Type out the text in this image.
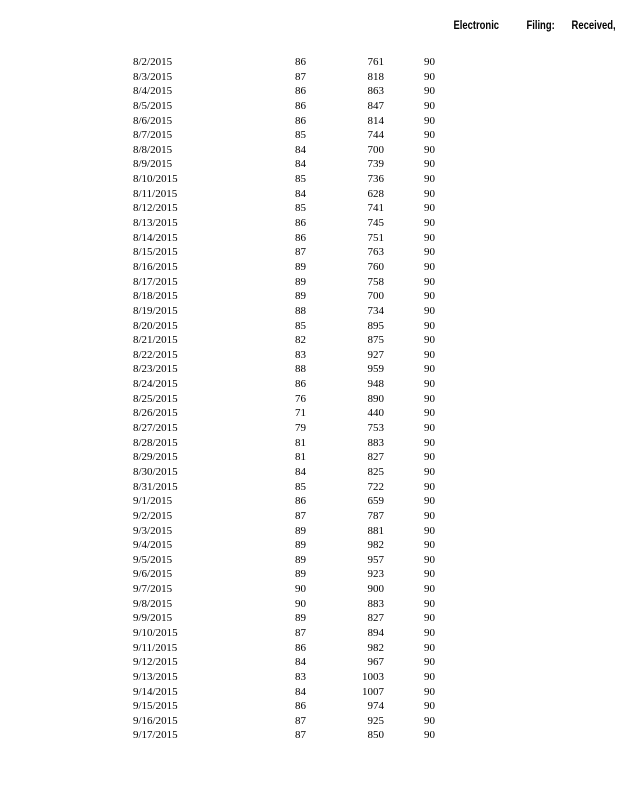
Electronic Filing: Received,
8/2/2015	86	761	90
8/3/2015	87	818	90
8/4/2015	86	863	90
8/5/2015	86	847	90
8/6/2015	86	814	90
8/7/2015	85	744	90
8/8/2015	84	700	90
8/9/2015	84	739	90
8/10/2015	85	736	90
8/11/2015	84	628	90
8/12/2015	85	741	90
8/13/2015	86	745	90
8/14/2015	86	751	90
8/15/2015	87	763	90
8/16/2015	89	760	90
8/17/2015	89	758	90
8/18/2015	89	700	90
8/19/2015	88	734	90
8/20/2015	85	895	90
8/21/2015	82	875	90
8/22/2015	83	927	90
8/23/2015	88	959	90
8/24/2015	86	948	90
8/25/2015	76	890	90
8/26/2015	71	440	90
8/27/2015	79	753	90
8/28/2015	81	883	90
8/29/2015	81	827	90
8/30/2015	84	825	90
8/31/2015	85	722	90
9/1/2015	86	659	90
9/2/2015	87	787	90
9/3/2015	89	881	90
9/4/2015	89	982	90
9/5/2015	89	957	90
9/6/2015	89	923	90
9/7/2015	90	900	90
9/8/2015	90	883	90
9/9/2015	89	827	90
9/10/2015	87	894	90
9/11/2015	86	982	90
9/12/2015	84	967	90
9/13/2015	83	1003	90
9/14/2015	84	1007	90
9/15/2015	86	974	90
9/16/2015	87	925	90
9/17/2015	87	850	90
